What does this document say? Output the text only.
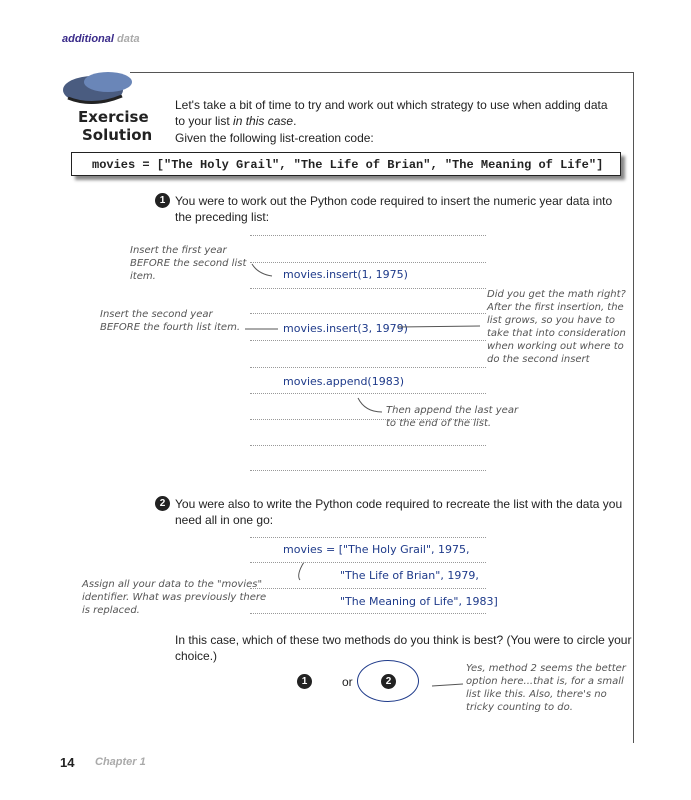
additional data
Exercise
Solution
Let's take a bit of time to try and work out which strategy to use when adding data to your list in this case.
Given the following list-creation code:
movies = ["The Holy Grail", "The Life of Brian", "The Meaning of Life"]
1 You were to work out the Python code required to insert the numeric year data into the preceding list:
movies.insert(1, 1975)
movies.insert(3, 1979)
movies.append(1983)
Insert the first year BEFORE the second list item.
Insert the second year BEFORE the fourth list item.
Did you get the math right? After the first insertion, the list grows, so you have to take that into consideration when working out where to do the second insert
Then append the last year to the end of the list.
2 You were also to write the Python code required to recreate the list with the data you need all in one go:
movies = ["The Holy Grail", 1975,
"The Life of Brian", 1979,
"The Meaning of Life", 1983]
Assign all your data to the "movies" identifier. What was previously there is replaced.
In this case, which of these two methods do you think is best? (You were to circle your choice.)
1	or	2
Yes, method 2 seems the better option here...that is, for a small list like this. Also, there's no tricky counting to do.
14 Chapter 1
